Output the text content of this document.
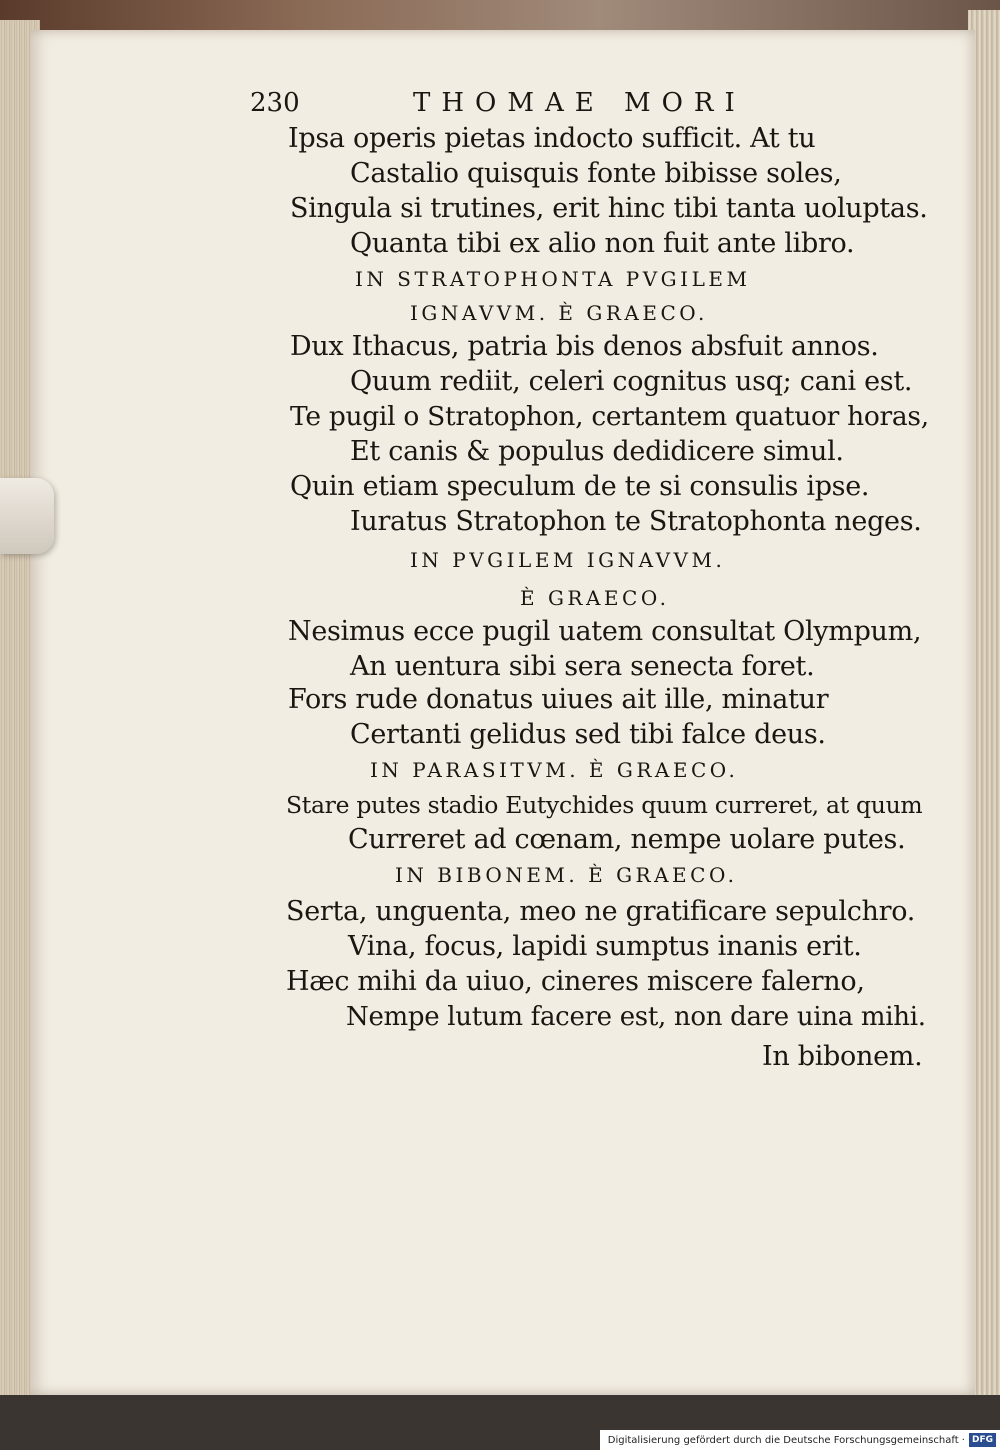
230	THOMAE MORI
Ipsa operis pietas indocto sufficit. At tu
Castalio quisquis fonte bibisse soles,
Singula si trutines, erit hinc tibi tanta uoluptas.
Quanta tibi ex alio non fuit ante libro.
IN STRATOPHONTA PVGILEM
IGNAVVM. È GRAECO.
Dux Ithacus, patria bis denos absfuit annos.
Quum rediit, celeri cognitus usq; cani est.
Te pugil o Stratophon, certantem quatuor horas,
Et canis & populus dedidicere simul.
Quin etiam speculum de te si consulis ipse.
Iuratus Stratophon te Stratophonta neges.
IN PVGILEM IGNAVVM.
È GRAECO.
Nesimus ecce pugil uatem consultat Olympum,
An uentura sibi sera senecta foret.
Fors rude donatus uiues ait ille, minatur
Certanti gelidus sed tibi falce deus.
IN PARASITVM. È GRAECO.
Stare putes stadio Eutychides quum curreret, at quum
Curreret ad cœnam, nempe uolare putes.
IN BIBONEM. È GRAECO.
Serta, unguenta, meo ne gratificare sepulchro.
Vina, focus, lapidi sumptus inanis erit.
Hæc mihi da uiuo, cineres miscere falerno,
Nempe lutum facere est, non dare uina mihi.
In bibonem.
Digitalisierung gefördert durch die Deutsche Forschungsgemeinschaft · DFG
